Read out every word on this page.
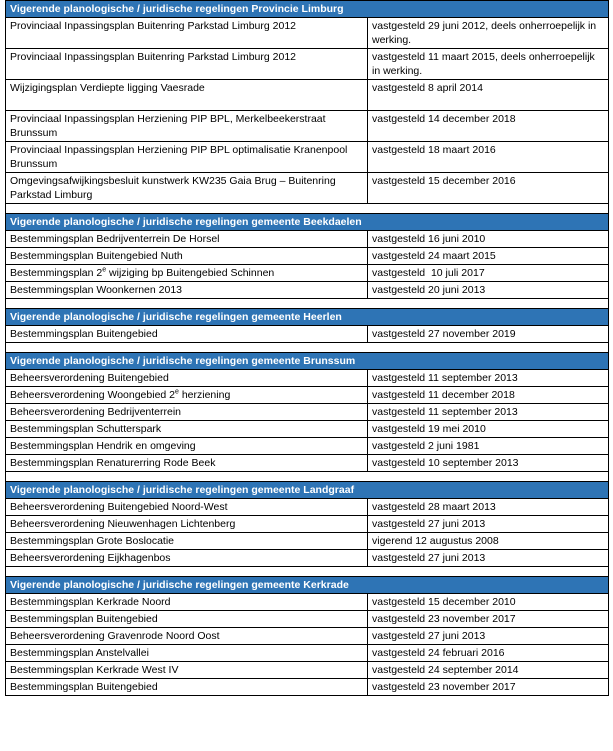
Vigerende planologische / juridische regelingen Provincie Limburg	
Provinciaal Inpassingsplan Buitenring Parkstad Limburg 2012	vastgesteld 29 juni 2012, deels onherroepelijk in werking.
Provinciaal Inpassingsplan Buitenring Parkstad Limburg 2012	vastgesteld 11 maart 2015, deels onherroepelijk in werking.
Wijzigingsplan Verdiepte ligging Vaesrade	vastgesteld 8 april 2014
Provinciaal Inpassingsplan Herziening PIP BPL, Merkelbeekerstraat Brunssum	vastgesteld 14 december 2018
Provinciaal Inpassingsplan Herziening PIP BPL optimalisatie Kranenpool Brunssum	vastgesteld 18 maart 2016
Omgevingsafwijkingsbesluit kunstwerk KW235 Gaia Brug – Buitenring Parkstad Limburg	vastgesteld 15 december 2016

Vigerende planologische / juridische regelingen gemeente Beekdaelen	
Bestemmingsplan Bedrijventerrein De Horsel	vastgesteld 16 juni 2010
Bestemmingsplan Buitengebied Nuth	vastgesteld 24 maart 2015
Bestemmingsplan 2e wijziging bp Buitengebied Schinnen	vastgesteld  10 juli 2017
Bestemmingsplan Woonkernen 2013	vastgesteld 20 juni 2013

Vigerende planologische / juridische regelingen gemeente Heerlen	
Bestemmingsplan Buitengebied	vastgesteld 27 november 2019

Vigerende planologische / juridische regelingen gemeente Brunssum	
Beheersverordening Buitengebied	vastgesteld 11 september 2013
Beheersverordening Woongebied 2e herziening	vastgesteld 11 december 2018
Beheersverordening Bedrijventerrein	vastgesteld 11 september 2013
Bestemmingsplan Schutterspark	vastgesteld 19 mei 2010
Bestemmingsplan Hendrik en omgeving	vastgesteld 2 juni 1981
Bestemmingsplan Renaturerring Rode Beek	vastgesteld 10 september 2013

Vigerende planologische / juridische regelingen gemeente Landgraaf	
Beheersverordening Buitengebied Noord-West	vastgesteld 28 maart 2013
Beheersverordening Nieuwenhagen Lichtenberg	vastgesteld 27 juni 2013
Bestemmingsplan Grote Boslocatie	vigerend 12 augustus 2008
Beheersverordening Eijkhagenbos	vastgesteld 27 juni 2013

Vigerende planologische / juridische regelingen gemeente Kerkrade	
Bestemmingsplan Kerkrade Noord	vastgesteld 15 december 2010
Bestemmingsplan Buitengebied	vastgesteld 23 november 2017
Beheersverordening Gravenrode Noord Oost	vastgesteld 27 juni 2013
Bestemmingsplan Anstelvallei	vastgesteld 24 februari 2016
Bestemmingsplan Kerkrade West IV	vastgesteld 24 september 2014
Bestemmingsplan Buitengebied	vastgesteld 23 november 2017
